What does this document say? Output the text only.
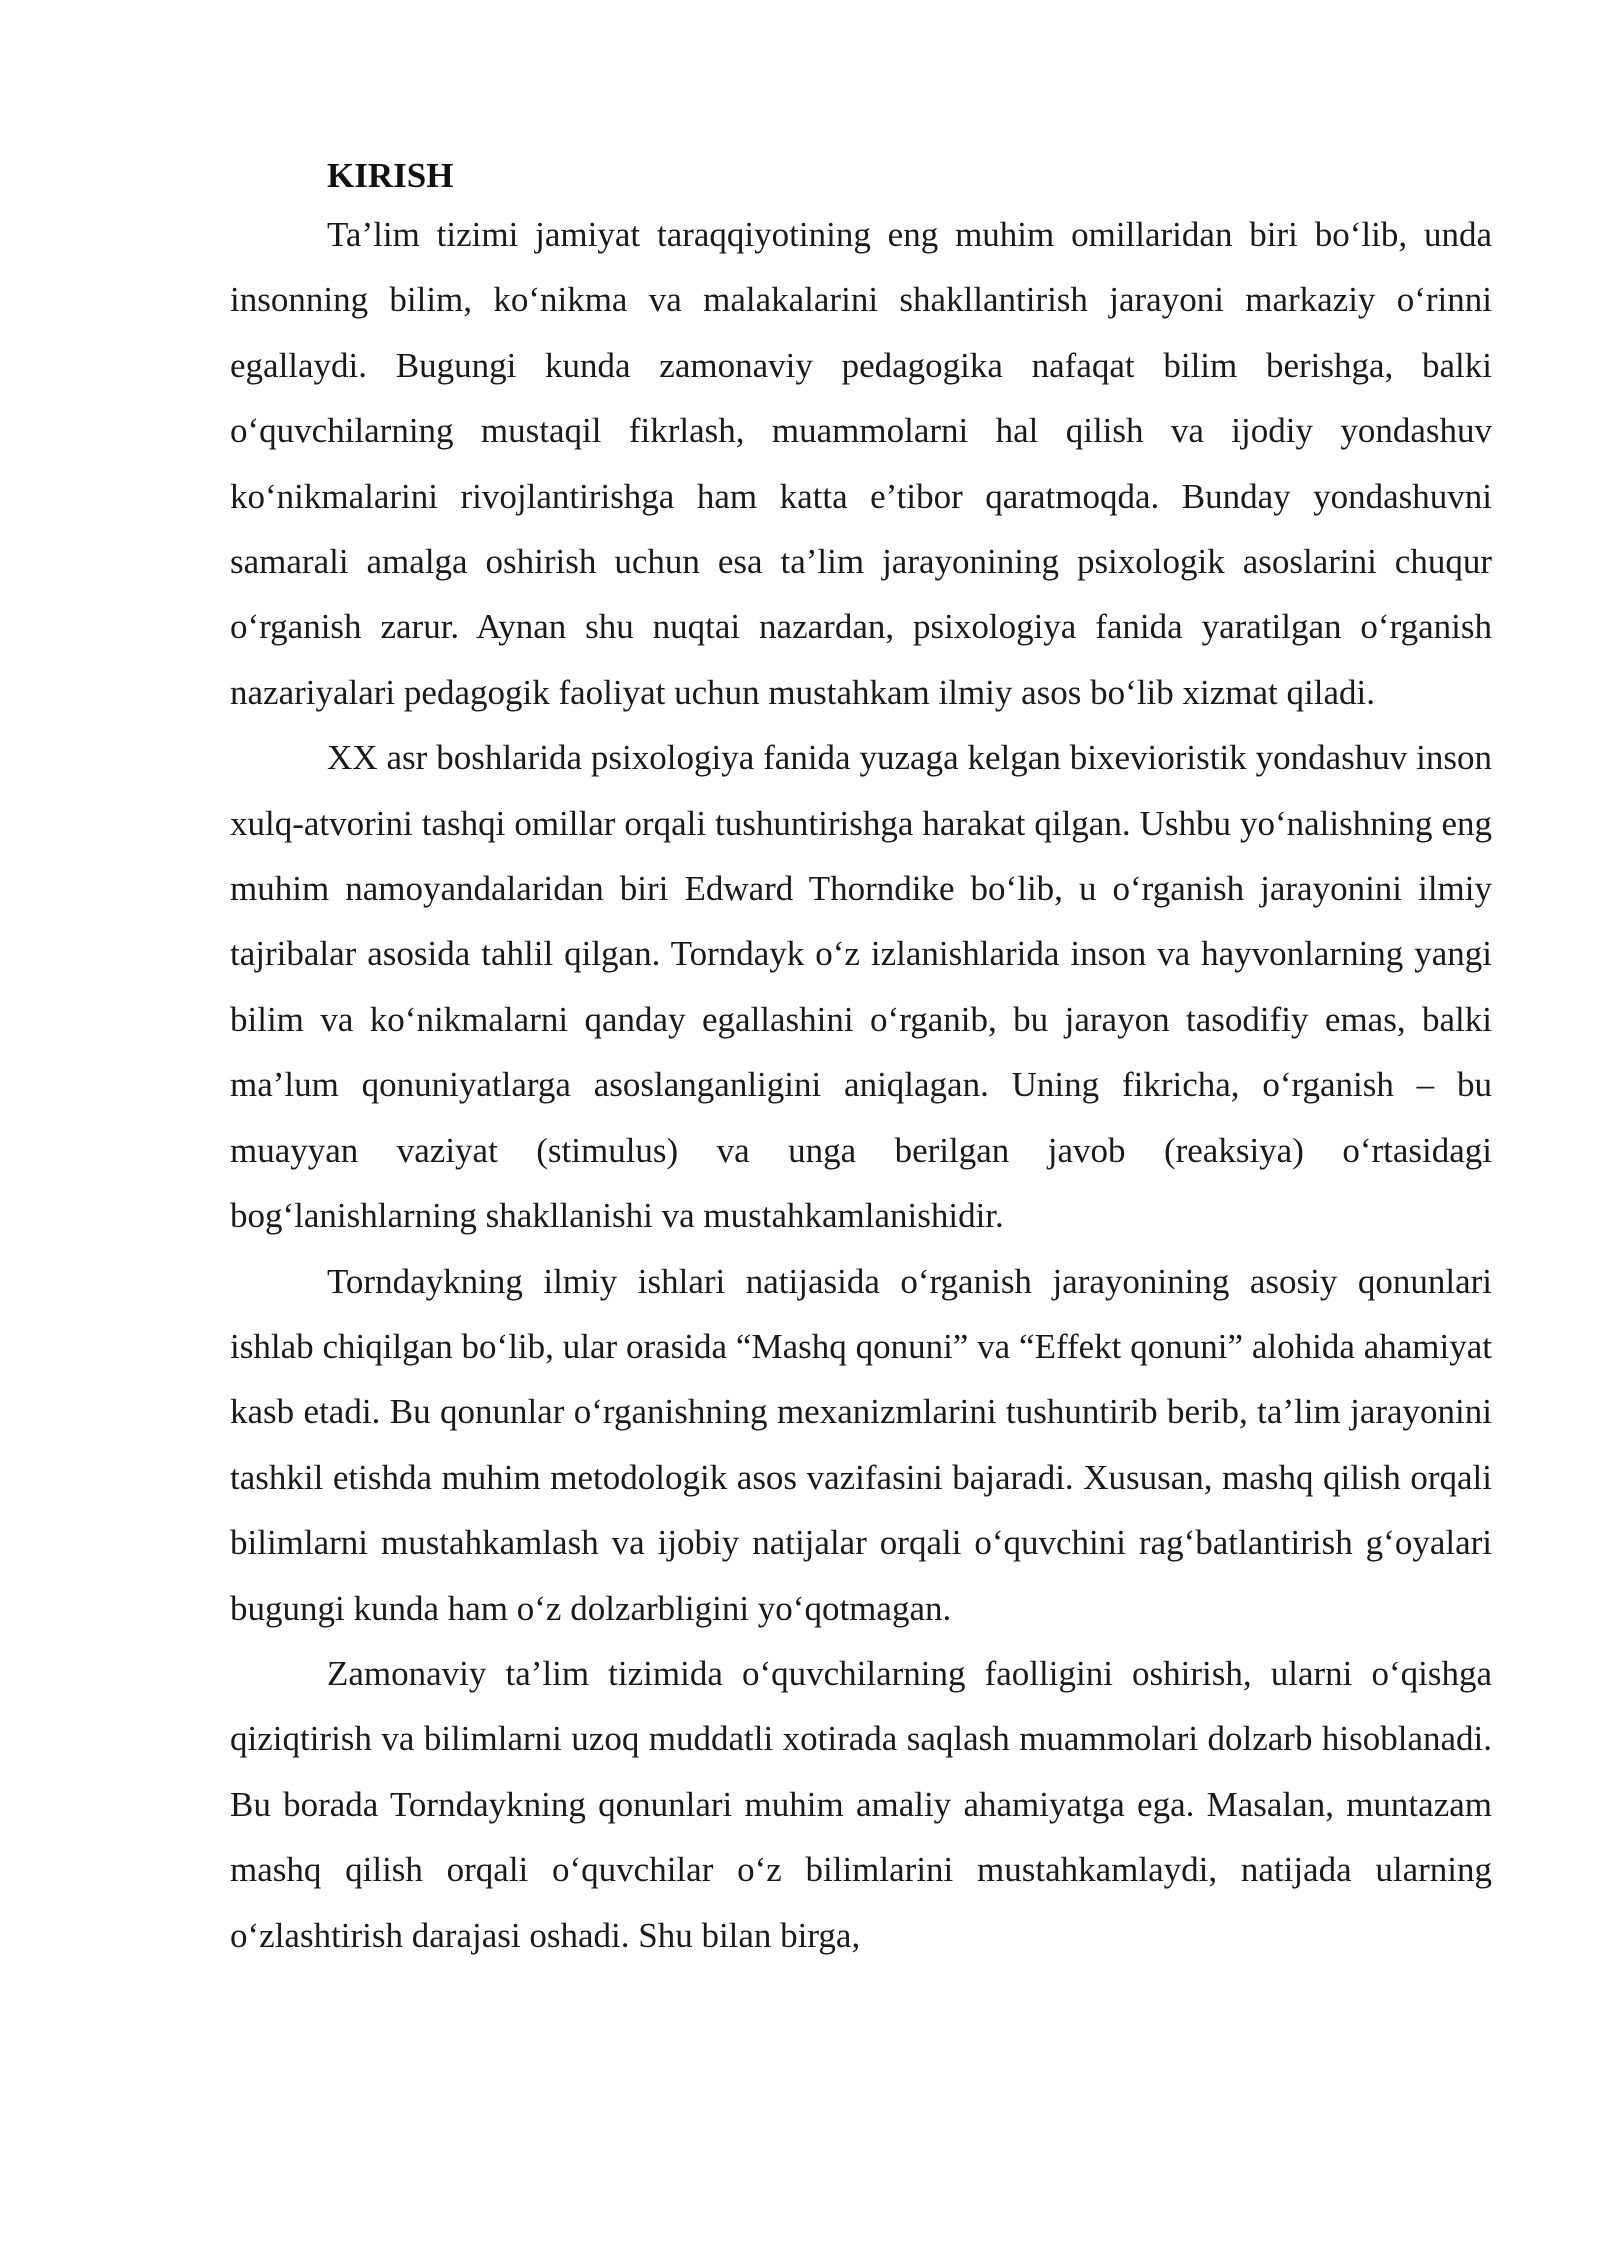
KIRISH

Ta’lim tizimi jamiyat taraqqiyotining eng muhim omillaridan biri bo‘lib, unda insonning bilim, ko‘nikma va malakalarini shakllantirish jarayoni markaziy o‘rinni egallaydi. Bugungi kunda zamonaviy pedagogika nafaqat bilim berishga, balki o‘quvchilarning mustaqil fikrlash, muammolarni hal qilish va ijodiy yondashuv ko‘nikmalarini rivojlantirishga ham katta e’tibor qaratmoqda. Bunday yondashuvni samarali amalga oshirish uchun esa ta’lim jarayonining psixologik asoslarini chuqur o‘rganish zarur. Aynan shu nuqtai nazardan, psixologiya fanida yaratilgan o‘rganish nazariyalari pedagogik faoliyat uchun mustahkam ilmiy asos bo‘lib xizmat qiladi.

XX asr boshlarida psixologiya fanida yuzaga kelgan bixevioristik yondashuv inson xulq-atvorini tashqi omillar orqali tushuntirishga harakat qilgan. Ushbu yo‘nalishning eng muhim namoyandalaridan biri Edward Thorndike bo‘lib, u o‘rganish jarayonini ilmiy tajribalar asosida tahlil qilgan. Torndayk o‘z izlanishlarida inson va hayvonlarning yangi bilim va ko‘nikmalarni qanday egallashini o‘rganib, bu jarayon tasodifiy emas, balki ma’lum qonuniyatlarga asoslanganligini aniqlagan. Uning fikricha, o‘rganish – bu muayyan vaziyat (stimulus) va unga berilgan javob (reaksiya) o‘rtasidagi bog‘lanishlarning shakllanishi va mustahkamlanishidir.

Torndaykning ilmiy ishlari natijasida o‘rganish jarayonining asosiy qonunlari ishlab chiqilgan bo‘lib, ular orasida “Mashq qonuni” va “Effekt qonuni” alohida ahamiyat kasb etadi. Bu qonunlar o‘rganishning mexanizmlarini tushuntirib berib, ta’lim jarayonini tashkil etishda muhim metodologik asos vazifasini bajaradi. Xususan, mashq qilish orqali bilimlarni mustahkamlash va ijobiy natijalar orqali o‘quvchini rag‘batlantirish g‘oyalari bugungi kunda ham o‘z dolzarbligini yo‘qotmagan.

Zamonaviy ta’lim tizimida o‘quvchilarning faolligini oshirish, ularni o‘qishga qiziqtirish va bilimlarni uzoq muddatli xotirada saqlash muammolari dolzarb hisoblanadi. Bu borada Torndaykning qonunlari muhim amaliy ahamiyatga ega. Masalan, muntazam mashq qilish orqali o‘quvchilar o‘z bilimlarini mustahkamlaydi, natijada ularning o‘zlashtirish darajasi oshadi. Shu bilan birga,
